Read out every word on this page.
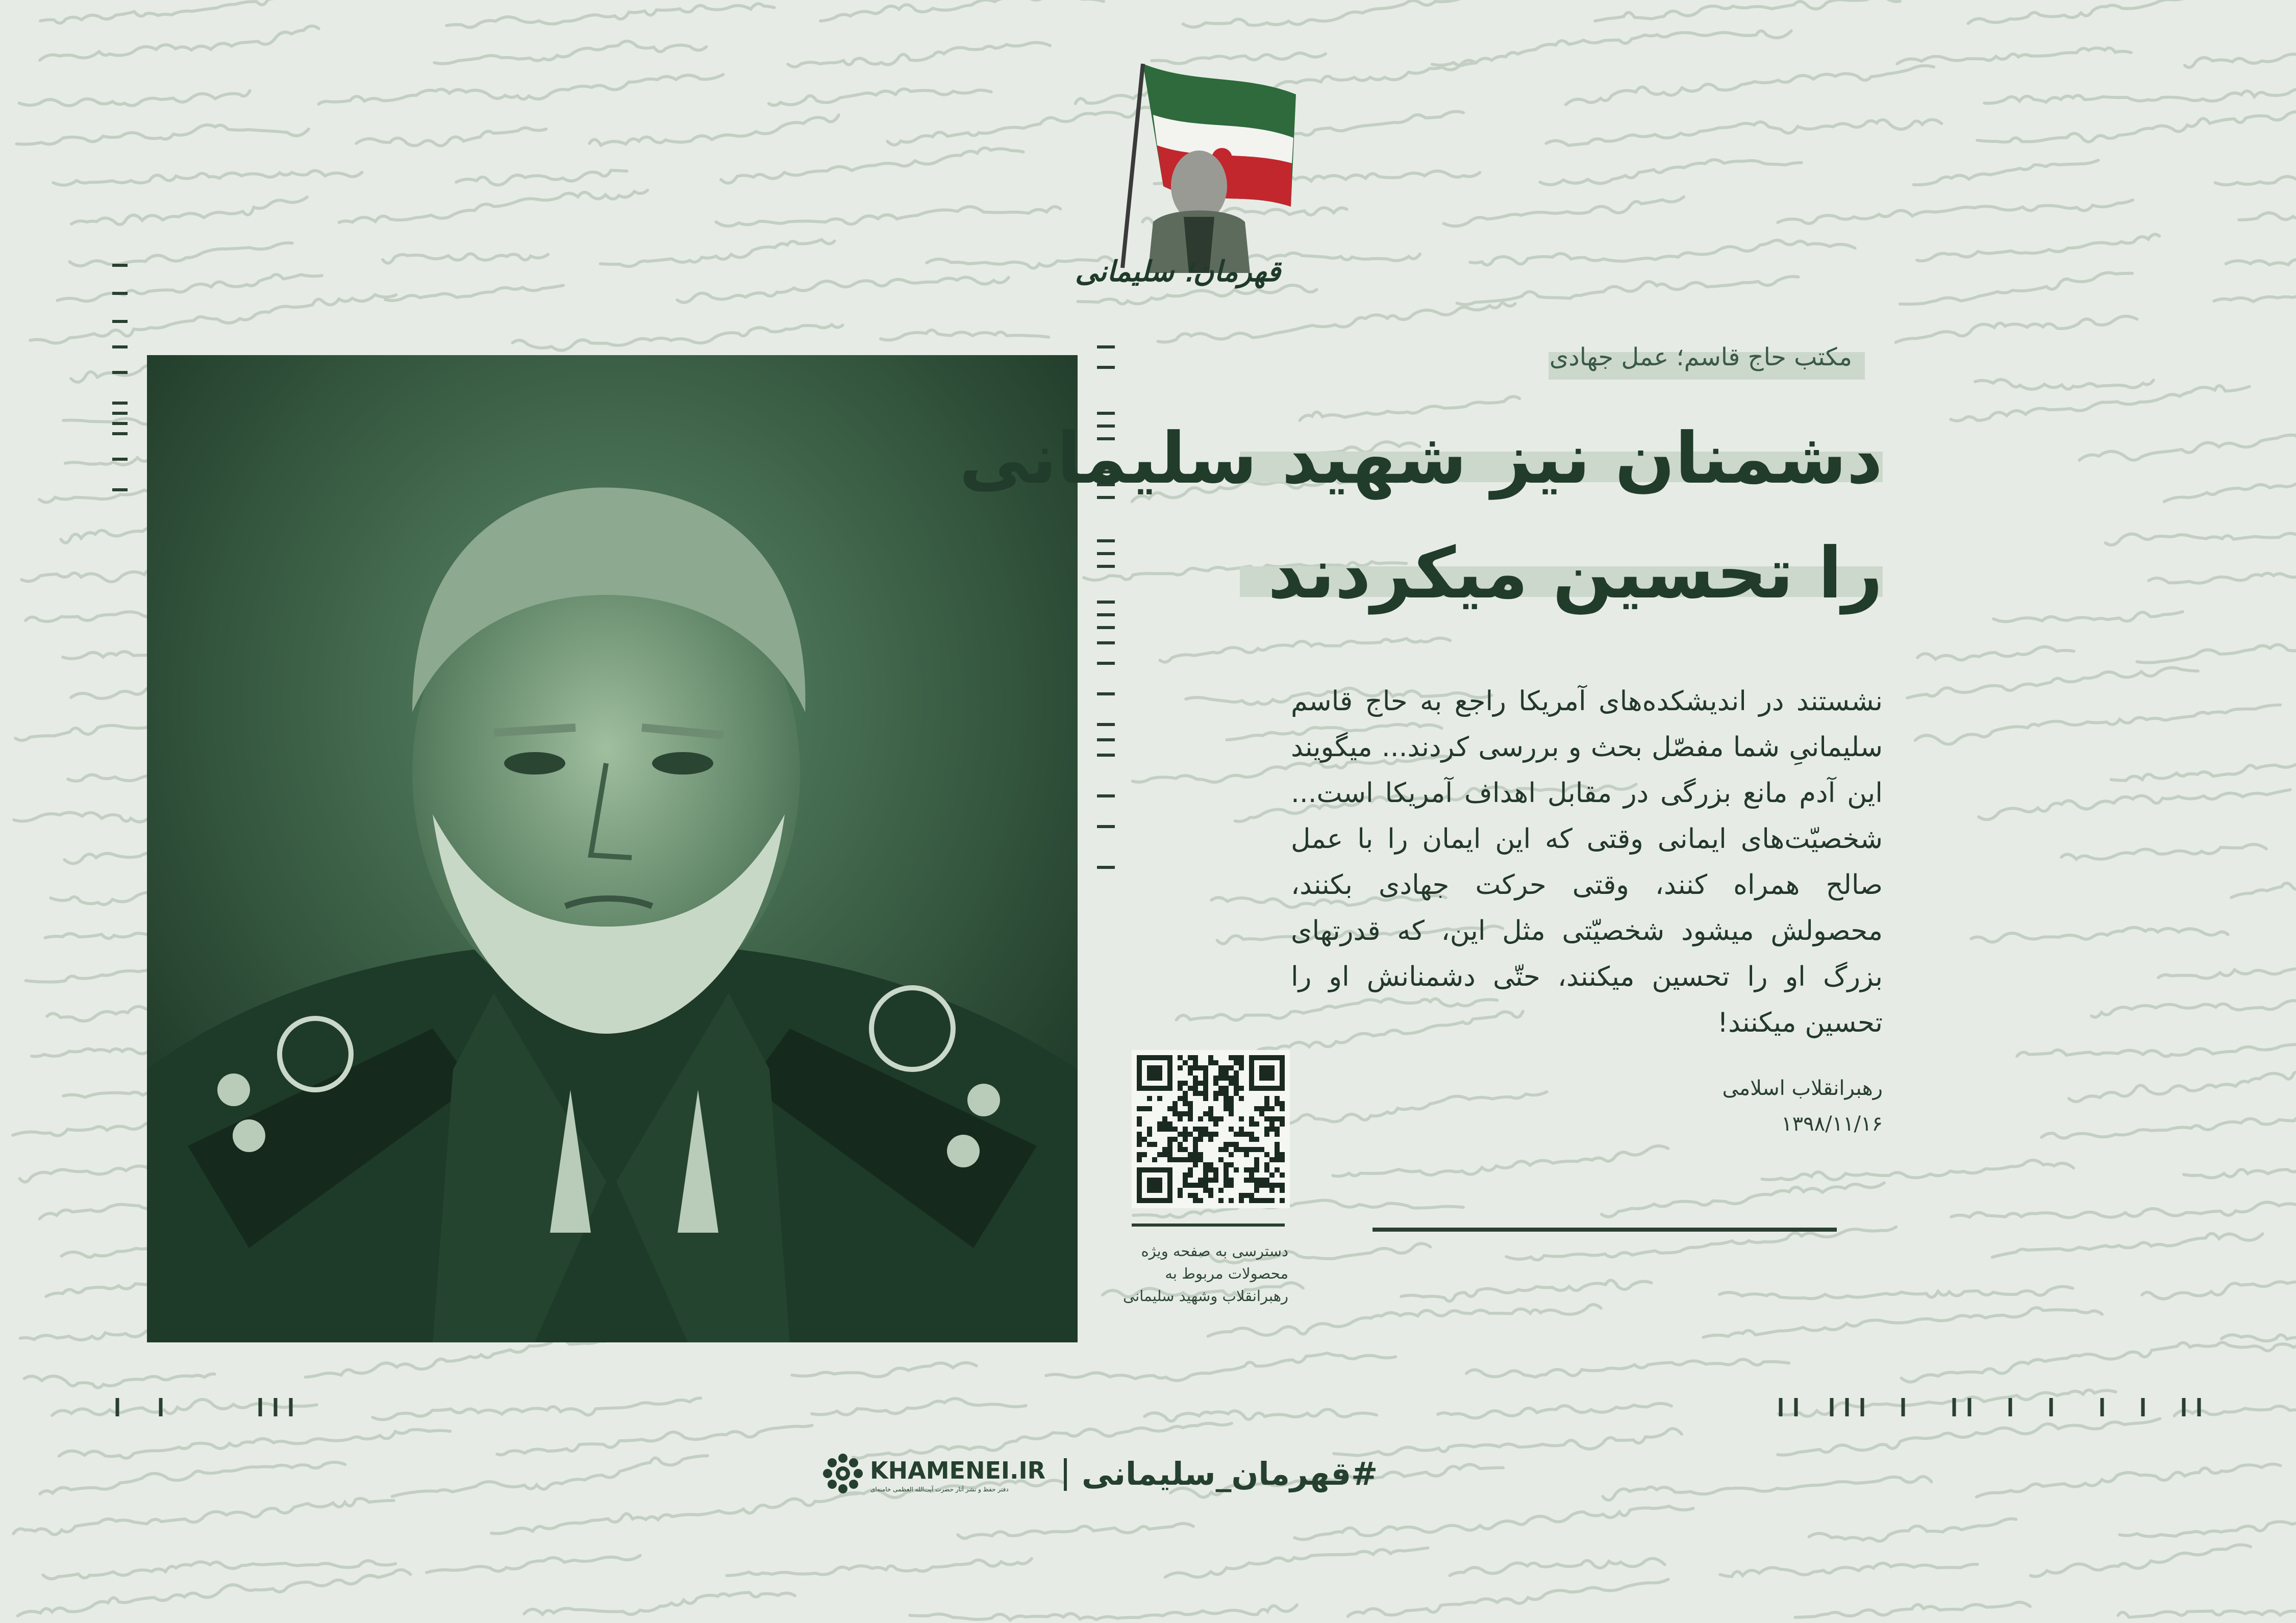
قهرمان؛ سلیمانی
مکتب حاج قاسم؛ عمل جهادی
دشمنان نیز شهید سلیمانی
را تحسین میکردند
نشستند در اندیشکده‌های آمریکا راجع به حاج قاسم سلیمانیِ شما مفصّل بحث و بررسی کردند... میگویند این آدم مانع بزرگی در مقابل اهداف آمریکا است... شخصیّت‌های ایمانی وقتی که این ایمان را با عمل صالح همراه کنند، وقتی حرکت جهادی بکنند، محصولش میشود شخصیّتی مثل این، که قدرتهای بزرگ او را تحسین میکنند، حتّی دشمنانش او را تحسین میکنند!
رهبرانقلاب اسلامی
۱۳۹۸/۱۱/۱۶
دسترسی به صفحه ویژه
محصولات مربوط به
رهبرانقلاب وشهید سلیمانی
KHAMENEI.IR
دفتر حفظ و نشر آثار حضرت آیت‌الله العظمی خامنه‌ای #قهرمان_سلیمانی
